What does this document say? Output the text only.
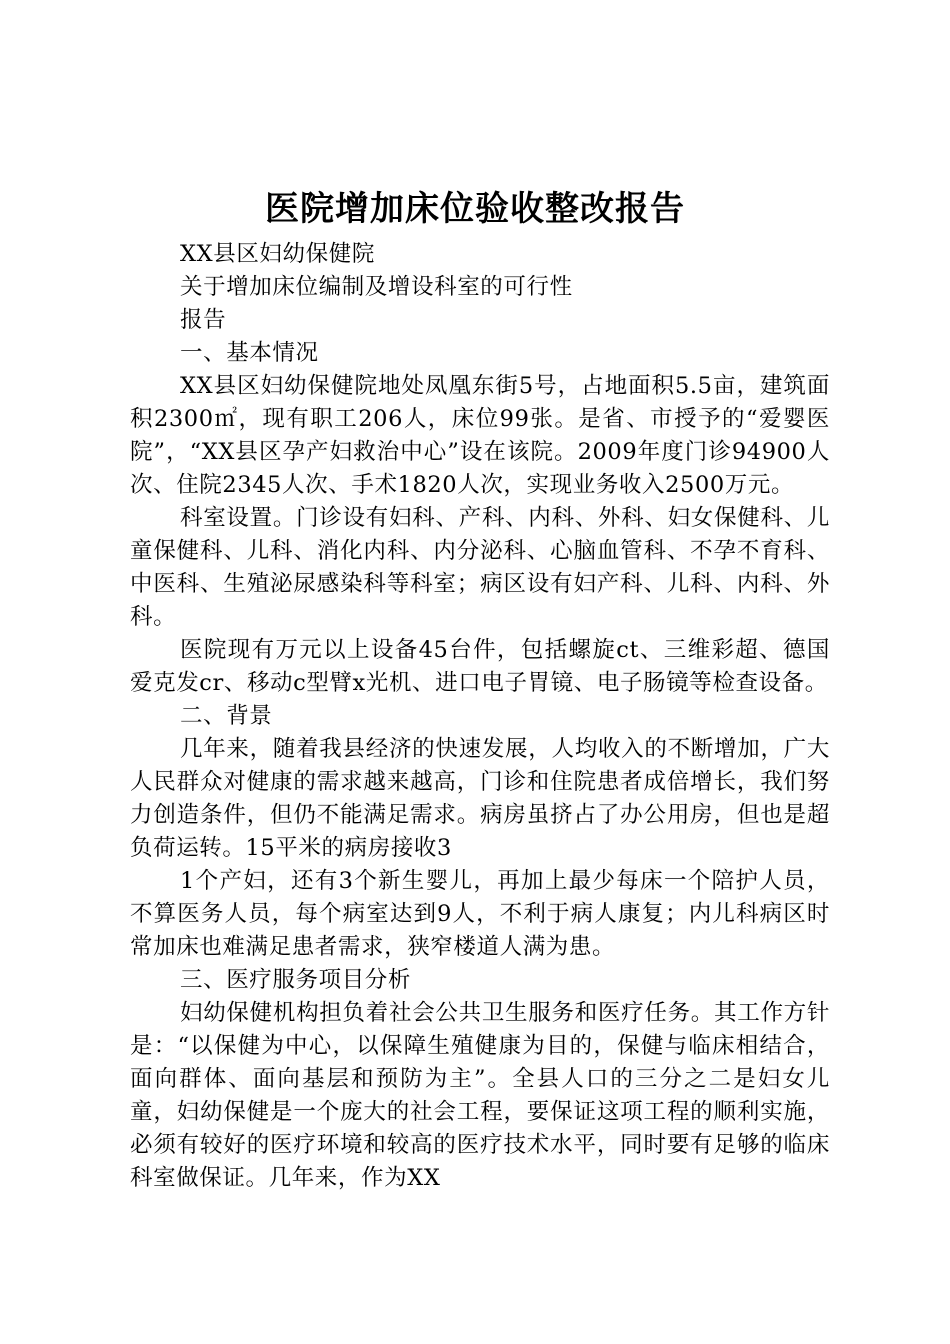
医院增加床位验收整改报告

XX县区妇幼保健院

关于增加床位编制及增设科室的可行性

报告

一、基本情况

XX县区妇幼保健院地处凤凰东街5号，占地面积5.5亩，建筑面积2300㎡，现有职工206人，床位99张。是省、市授予的“爱婴医院”，“XX县区孕产妇救治中心”设在该院。2009年度门诊94900人次、住院2345人次、手术1820人次，实现业务收入2500万元。

科室设置。门诊设有妇科、产科、内科、外科、妇女保健科、儿童保健科、儿科、消化内科、内分泌科、心脑血管科、不孕不育科、中医科、生殖泌尿感染科等科室；病区设有妇产科、儿科、内科、外科。

医院现有万元以上设备45台件，包括螺旋ct、三维彩超、德国爱克发cr、移动c型臂x光机、进口电子胃镜、电子肠镜等检查设备。

二、背景

几年来，随着我县经济的快速发展，人均收入的不断增加，广大人民群众对健康的需求越来越高，门诊和住院患者成倍增长，我们努力创造条件，但仍不能满足需求。病房虽挤占了办公用房，但也是超负荷运转。15平米的病房接收3

1个产妇，还有3个新生婴儿，再加上最少每床一个陪护人员，不算医务人员，每个病室达到9人，不利于病人康复；内儿科病区时常加床也难满足患者需求，狭窄楼道人满为患。

三、医疗服务项目分析

妇幼保健机构担负着社会公共卫生服务和医疗任务。其工作方针是：“以保健为中心，以保障生殖健康为目的，保健与临床相结合，面向群体、面向基层和预防为主”。全县人口的三分之二是妇女儿童，妇幼保健是一个庞大的社会工程，要保证这项工程的顺利实施，必须有较好的医疗环境和较高的医疗技术水平，同时要有足够的临床科室做保证。几年来，作为XX
